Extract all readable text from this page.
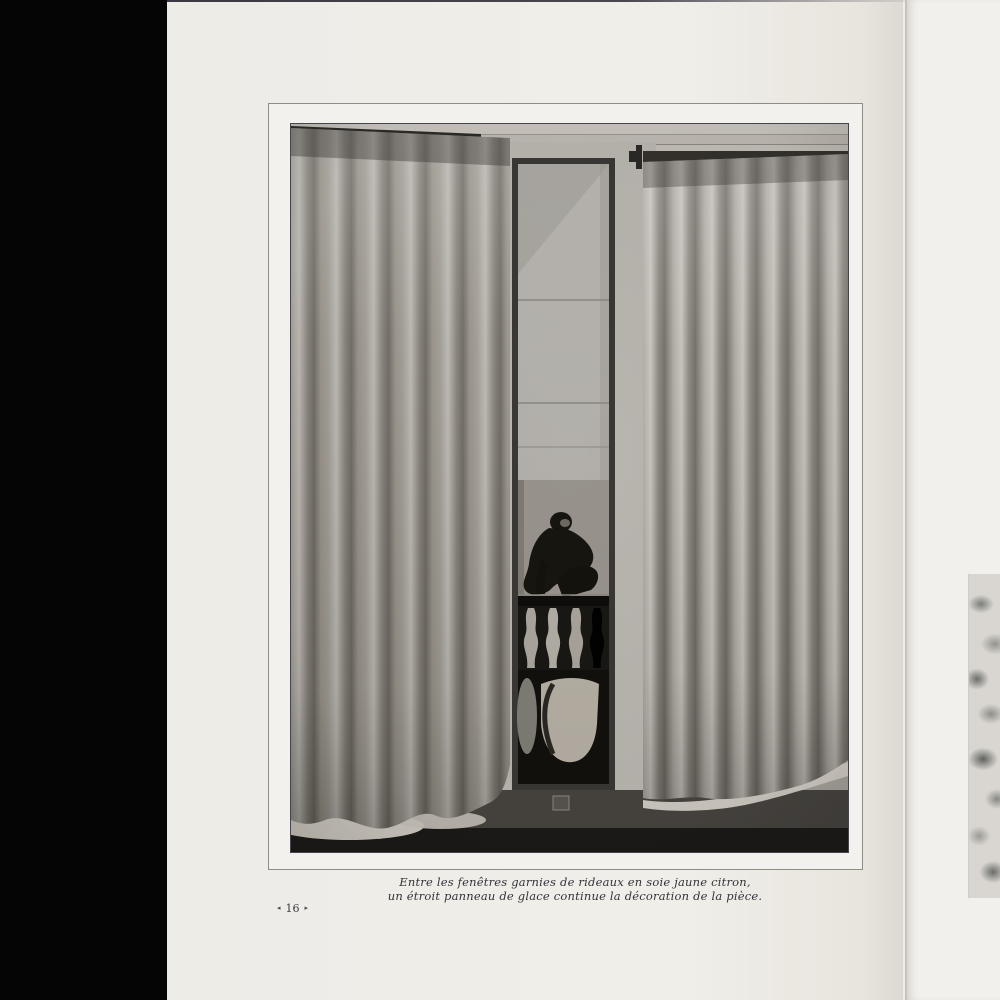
Entre les fenêtres garnies de rideaux en soie jaune citron,
un étroit panneau de glace continue la décoration de la pièce.
◂ 16 ▸
